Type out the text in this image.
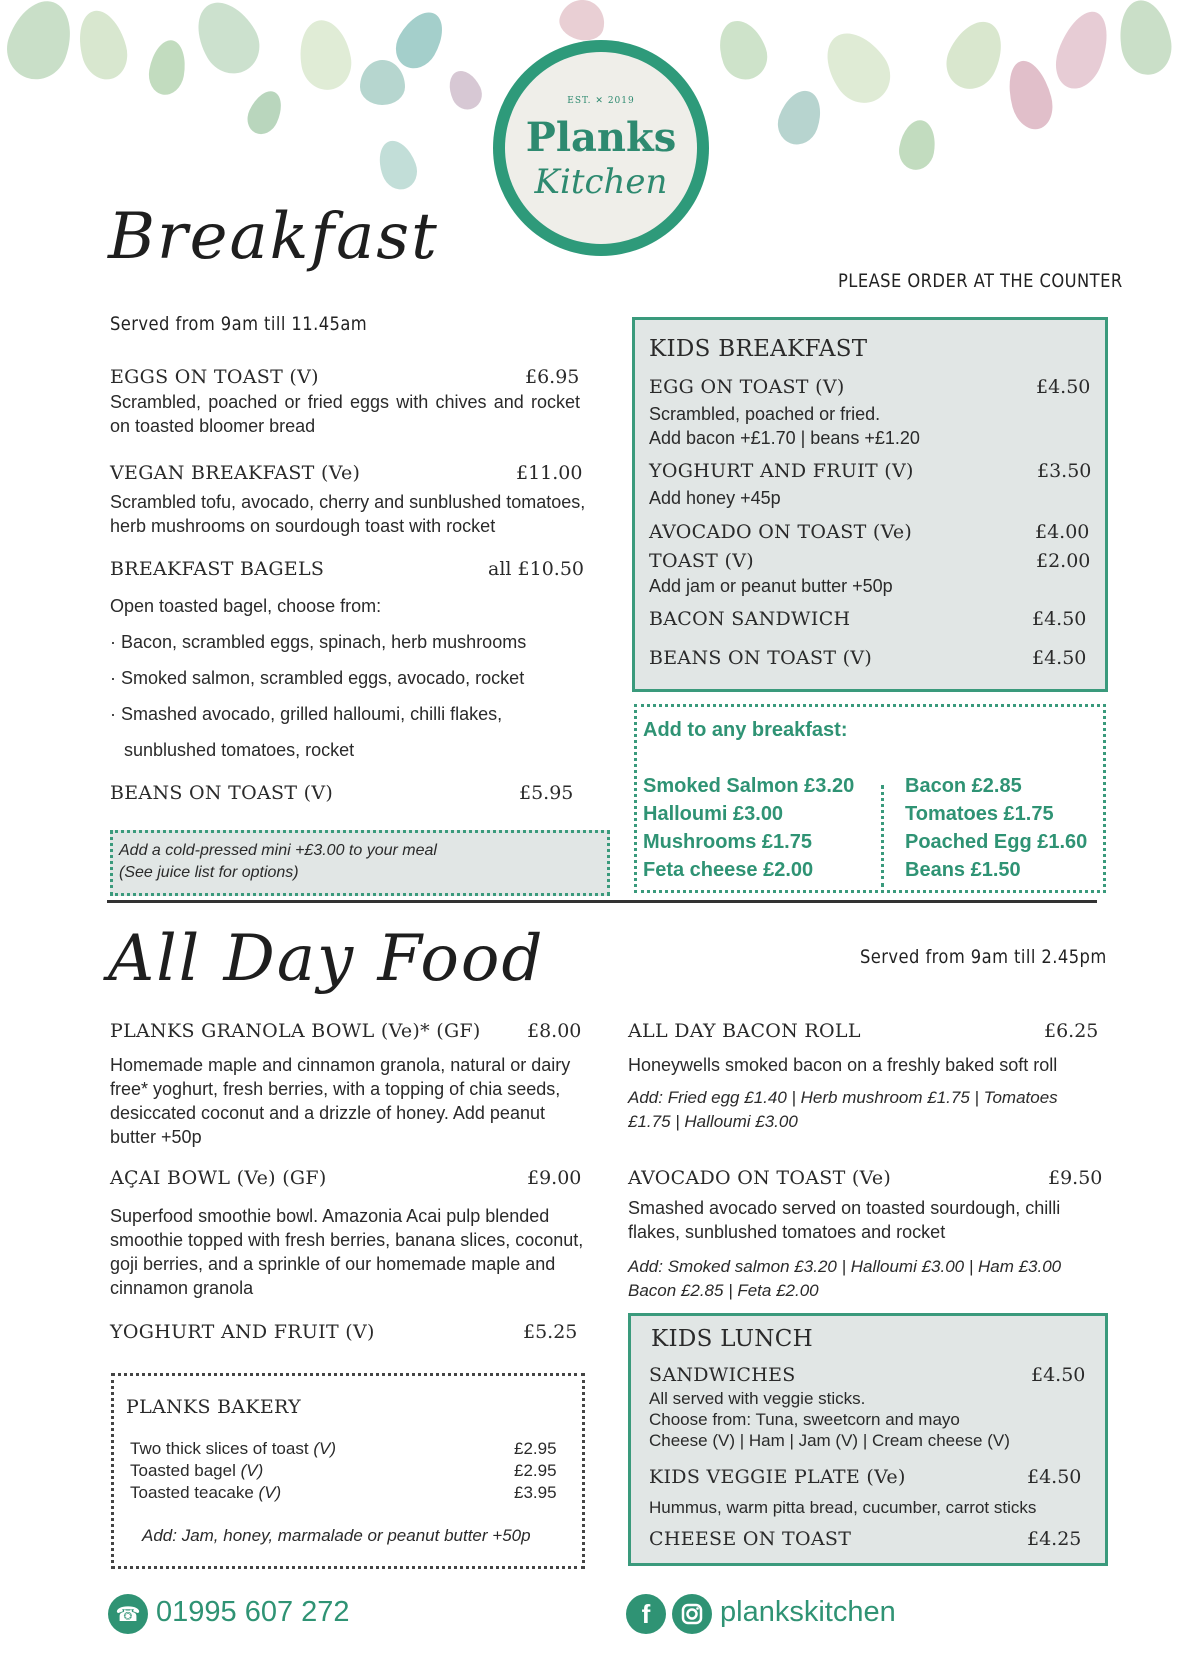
EST. ✕ 2019
Planks
Kitchen
Breakfast
PLEASE ORDER AT THE COUNTER
Served from 9am till 11.45am
EGGS ON TOAST (V)	£6.95
Scrambled, poached or fried eggs with chives and rocket on toasted bloomer bread
VEGAN BREAKFAST (Ve)	£11.00
Scrambled tofu, avocado, cherry and sunblushed tomatoes, herb mushrooms on sourdough toast with rocket
BREAKFAST BAGELS	all £10.50
Open toasted bagel, choose from:
· Bacon, scrambled eggs, spinach, herb mushrooms
· Smoked salmon, scrambled eggs, avocado, rocket
· Smashed avocado, grilled halloumi, chilli flakes,
sunblushed tomatoes, rocket
BEANS ON TOAST (V)	£5.95
Add a cold-pressed mini +£3.00 to your meal
(See juice list for options)
KIDS BREAKFAST
EGG ON TOAST (V)	£4.50
Scrambled, poached or fried.
Add bacon +£1.70 | beans +£1.20
YOGHURT AND FRUIT (V)	£3.50
Add honey +45p
AVOCADO ON TOAST (Ve)	£4.00
TOAST (V)	£2.00
Add jam or peanut butter +50p
BACON SANDWICH	£4.50
BEANS ON TOAST (V)	£4.50
Add to any breakfast:
Smoked Salmon £3.20
Halloumi £3.00
Mushrooms £1.75
Feta cheese £2.00
Bacon £2.85
Tomatoes £1.75
Poached Egg £1.60
Beans £1.50
All Day Food	Served from 9am till 2.45pm
PLANKS GRANOLA BOWL (Ve)* (GF) £8.00
Homemade maple and cinnamon granola, natural or dairy free* yoghurt, fresh berries, with a topping of chia seeds, desiccated coconut and a drizzle of honey. Add peanut butter +50p
AÇAI BOWL (Ve) (GF)	£9.00
Superfood smoothie bowl. Amazonia Acai pulp blended smoothie topped with fresh berries, banana slices, coconut, goji berries, and a sprinkle of our homemade maple and cinnamon granola
YOGHURT AND FRUIT (V)	£5.25
ALL DAY BACON ROLL	£6.25
Honeywells smoked bacon on a freshly baked soft roll
Add: Fried egg £1.40 | Herb mushroom £1.75 | Tomatoes £1.75 | Halloumi £3.00
AVOCADO ON TOAST (Ve)	£9.50
Smashed avocado served on toasted sourdough, chilli flakes, sunblushed tomatoes and rocket
Add: Smoked salmon £3.20 | Halloumi £3.00 | Ham £3.00 Bacon £2.85 | Feta £2.00
PLANKS BAKERY
Two thick slices of toast (V)	£2.95
Toasted bagel (V)	£2.95
Toasted teacake (V)	£3.95
Add: Jam, honey, marmalade or peanut butter +50p
KIDS LUNCH
SANDWICHES	£4.50
All served with veggie sticks.
Choose from: Tuna, sweetcorn and mayo
Cheese (V) | Ham | Jam (V) | Cream cheese (V)
KIDS VEGGIE PLATE (Ve)	£4.50
Hummus, warm pitta bread, cucumber, carrot sticks
CHEESE ON TOAST	£4.25
☎ 01995 607 272	f	plankskitchen
